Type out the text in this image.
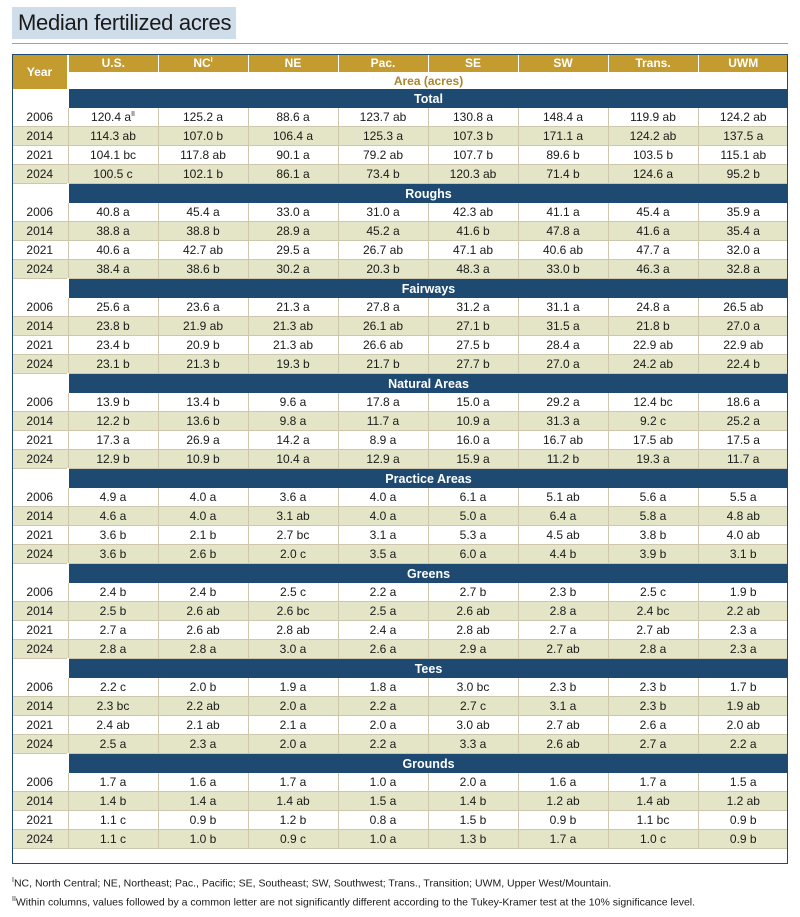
Median fertilized acres
Year	U.S.	$NC^I$	NE	Pac.	SE	SW	Trans.	UWM
	Area (acres)							
	Total							
2006	120.4 $a^{II}$	125.2 a	88.6 a	123.7 ab	130.8 a	148.4 a	119.9 ab	124.2 ab
2014	114.3 ab	107.0 b	106.4 a	125.3 a	107.3 b	171.1 a	124.2 ab	137.5 a
2021	104.1 bc	117.8 ab	90.1 a	79.2 ab	107.7 b	89.6 b	103.5 b	115.1 ab
2024	100.5 c	102.1 b	86.1 a	73.4 b	120.3 ab	71.4 b	124.6 a	95.2 b
	Roughs							
2006	40.8 a	45.4 a	33.0 a	31.0 a	42.3 ab	41.1 a	45.4 a	35.9 a
2014	38.8 a	38.8 b	28.9 a	45.2 a	41.6 b	47.8 a	41.6 a	35.4 a
2021	40.6 a	42.7 ab	29.5 a	26.7 ab	47.1 ab	40.6 ab	47.7 a	32.0 a
2024	38.4 a	38.6 b	30.2 a	20.3 b	48.3 a	33.0 b	46.3 a	32.8 a
	Fairways							
2006	25.6 a	23.6 a	21.3 a	27.8 a	31.2 a	31.1 a	24.8 a	26.5 ab
2014	23.8 b	21.9 ab	21.3 ab	26.1 ab	27.1 b	31.5 a	21.8 b	27.0 a
2021	23.4 b	20.9 b	21.3 ab	26.6 ab	27.5 b	28.4 a	22.9 ab	22.9 ab
2024	23.1 b	21.3 b	19.3 b	21.7 b	27.7 b	27.0 a	24.2 ab	22.4 b
	Natural Areas							
2006	13.9 b	13.4 b	9.6 a	17.8 a	15.0 a	29.2 a	12.4 bc	18.6 a
2014	12.2 b	13.6 b	9.8 a	11.7 a	10.9 a	31.3 a	9.2 c	25.2 a
2021	17.3 a	26.9 a	14.2 a	8.9 a	16.0 a	16.7 ab	17.5 ab	17.5 a
2024	12.9 b	10.9 b	10.4 a	12.9 a	15.9 a	11.2 b	19.3 a	11.7 a
	Practice Areas							
2006	4.9 a	4.0 a	3.6 a	4.0 a	6.1 a	5.1 ab	5.6 a	5.5 a
2014	4.6 a	4.0 a	3.1 ab	4.0 a	5.0 a	6.4 a	5.8 a	4.8 ab
2021	3.6 b	2.1 b	2.7 bc	3.1 a	5.3 a	4.5 ab	3.8 b	4.0 ab
2024	3.6 b	2.6 b	2.0 c	3.5 a	6.0 a	4.4 b	3.9 b	3.1 b
	Greens							
2006	2.4 b	2.4 b	2.5 c	2.2 a	2.7 b	2.3 b	2.5 c	1.9 b
2014	2.5 b	2.6 ab	2.6 bc	2.5 a	2.6 ab	2.8 a	2.4 bc	2.2 ab
2021	2.7 a	2.6 ab	2.8 ab	2.4 a	2.8 ab	2.7 a	2.7 ab	2.3 a
2024	2.8 a	2.8 a	3.0 a	2.6 a	2.9 a	2.7 ab	2.8 a	2.3 a
	Tees							
2006	2.2 c	2.0 b	1.9 a	1.8 a	3.0 bc	2.3 b	2.3 b	1.7 b
2014	2.3 bc	2.2 ab	2.0 a	2.2 a	2.7 c	3.1 a	2.3 b	1.9 ab
2021	2.4 ab	2.1 ab	2.1 a	2.0 a	3.0 ab	2.7 ab	2.6 a	2.0 ab
2024	2.5 a	2.3 a	2.0 a	2.2 a	3.3 a	2.6 ab	2.7 a	2.2 a
	Grounds							
2006	1.7 a	1.6 a	1.7 a	1.0 a	2.0 a	1.6 a	1.7 a	1.5 a
2014	1.4 b	1.4 a	1.4 ab	1.5 a	1.4 b	1.2 ab	1.4 ab	1.2 ab
2021	1.1 c	0.9 b	1.2 b	0.8 a	1.5 b	0.9 b	1.1 bc	0.9 b
2024	1.1 c	1.0 b	0.9 c	1.0 a	1.3 b	1.7 a	1.0 c	0.9 b
$^I$NC, North Central; NE, Northeast; Pac., Pacific; SE, Southeast; SW, Southwest; Trans., Transition; UWM, Upper West/Mountain.
$^{II}$Within columns, values followed by a common letter are not significantly different according to the Tukey-Kramer test at the 10% significance level.
